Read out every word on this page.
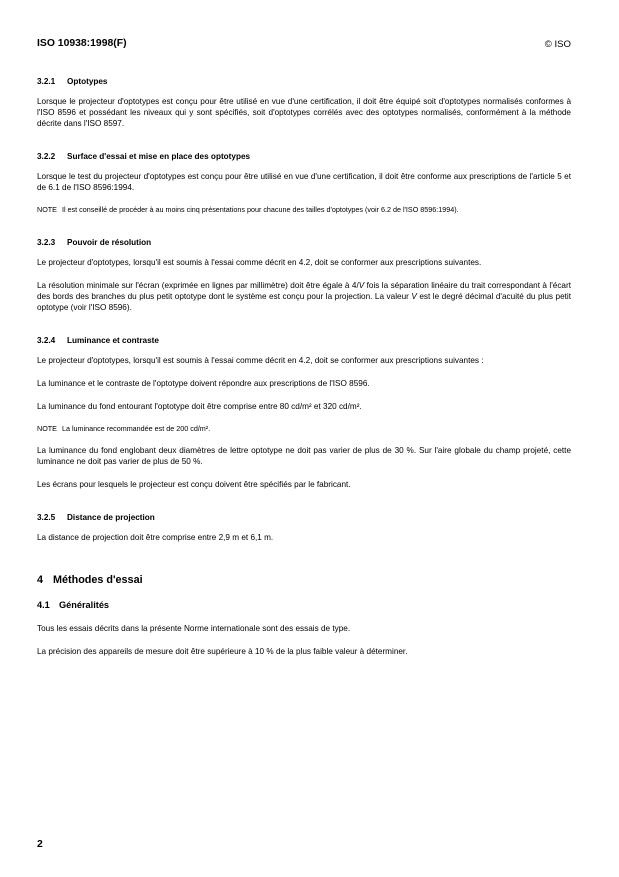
ISO 10938:1998(F)	© ISO
3.2.1 Optotypes

Lorsque le projecteur d'optotypes est conçu pour être utilisé en vue d'une certification, il doit être équipé soit d'optotypes normalisés conformes à l'ISO 8596 et possédant les niveaux qui y sont spécifiés, soit d'optotypes corrélés avec des optotypes normalisés, conformément à la méthode décrite dans l'ISO 8597.

3.2.2 Surface d'essai et mise en place des optotypes

Lorsque le test du projecteur d'optotypes est conçu pour être utilisé en vue d'une certification, il doit être conforme aux prescriptions de l'article 5 et de 6.1 de l'ISO 8596:1994.

NOTE Il est conseillé de procéder à au moins cinq présentations pour chacune des tailles d'optotypes (voir 6.2 de l'ISO 8596:1994).

3.2.3 Pouvoir de résolution

Le projecteur d'optotypes, lorsqu'il est soumis à l'essai comme décrit en 4.2, doit se conformer aux prescriptions suivantes.

La résolution minimale sur l'écran (exprimée en lignes par millimètre) doit être égale à 4/V fois la séparation linéaire du trait correspondant à l'écart des bords des branches du plus petit optotype dont le système est conçu pour la projection. La valeur V est le degré décimal d'acuité du plus petit optotype (voir l'ISO 8596).

3.2.4 Luminance et contraste

Le projecteur d'optotypes, lorsqu'il est soumis à l'essai comme décrit en 4.2, doit se conformer aux prescriptions suivantes :

La luminance et le contraste de l'optotype doivent répondre aux prescriptions de l'ISO 8596.

La luminance du fond entourant l'optotype doit être comprise entre 80 cd/m² et 320 cd/m².

NOTE La luminance recommandée est de 200 cd/m².

La luminance du fond englobant deux diamètres de lettre optotype ne doit pas varier de plus de 30 %. Sur l'aire globale du champ projeté, cette luminance ne doit pas varier de plus de 50 %.

Les écrans pour lesquels le projecteur est conçu doivent être spécifiés par le fabricant.

3.2.5 Distance de projection

La distance de projection doit être comprise entre 2,9 m et 6,1 m.

4 Méthodes d'essai
4.1 Généralités

Tous les essais décrits dans la présente Norme internationale sont des essais de type.

La précision des appareils de mesure doit être supérieure à 10 % de la plus faible valeur à déterminer.

2
